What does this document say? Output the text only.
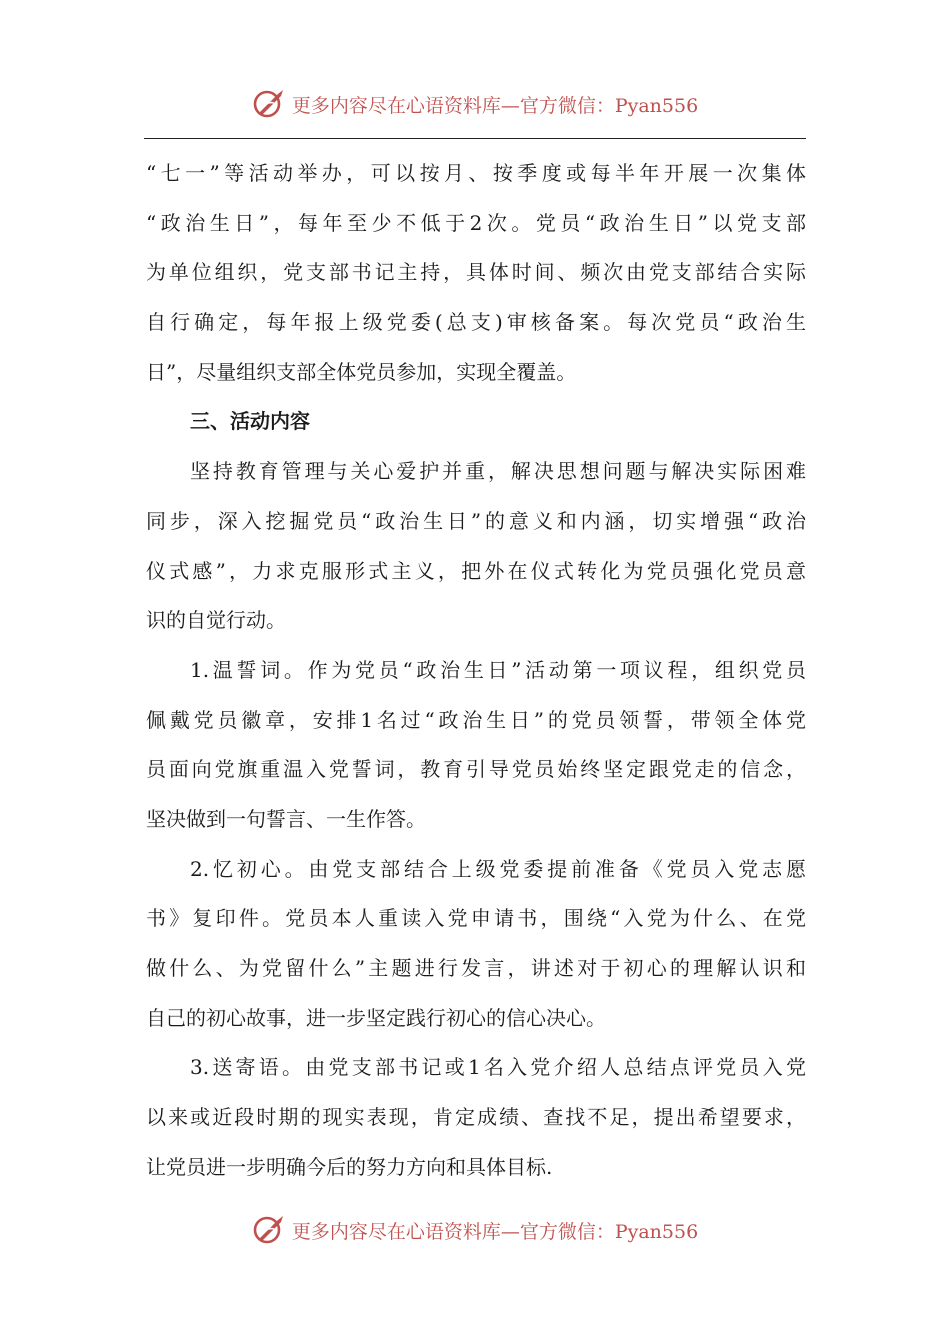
更多内容尽在心语资料库—官方微信：Pyan556
“七一”等活动举办，可以按月、按季度或每半年开展一次集体
“政治生日”，每年至少不低于2次。党员“政治生日”以党支部
为单位组织，党支部书记主持，具体时间、频次由党支部结合实际
自行确定，每年报上级党委(总支)审核备案。每次党员“政治生
日”，尽量组织支部全体党员参加，实现全覆盖。
三、活动内容
坚持教育管理与关心爱护并重，解决思想问题与解决实际困难
同步，深入挖掘党员“政治生日”的意义和内涵，切实增强“政治
仪式感”，力求克服形式主义，把外在仪式转化为党员强化党员意
识的自觉行动。
1.温誓词。作为党员“政治生日”活动第一项议程，组织党员
佩戴党员徽章，安排1名过“政治生日”的党员领誓，带领全体党
员面向党旗重温入党誓词，教育引导党员始终坚定跟党走的信念，
坚决做到一句誓言、一生作答。
2.忆初心。由党支部结合上级党委提前准备《党员入党志愿
书》复印件。党员本人重读入党申请书，围绕“入党为什么、在党
做什么、为党留什么”主题进行发言，讲述对于初心的理解认识和
自己的初心故事，进一步坚定践行初心的信心决心。
3.送寄语。由党支部书记或1名入党介绍人总结点评党员入党
以来或近段时期的现实表现，肯定成绩、查找不足，提出希望要求，
让党员进一步明确今后的努力方向和具体目标.
更多内容尽在心语资料库—官方微信：Pyan556
